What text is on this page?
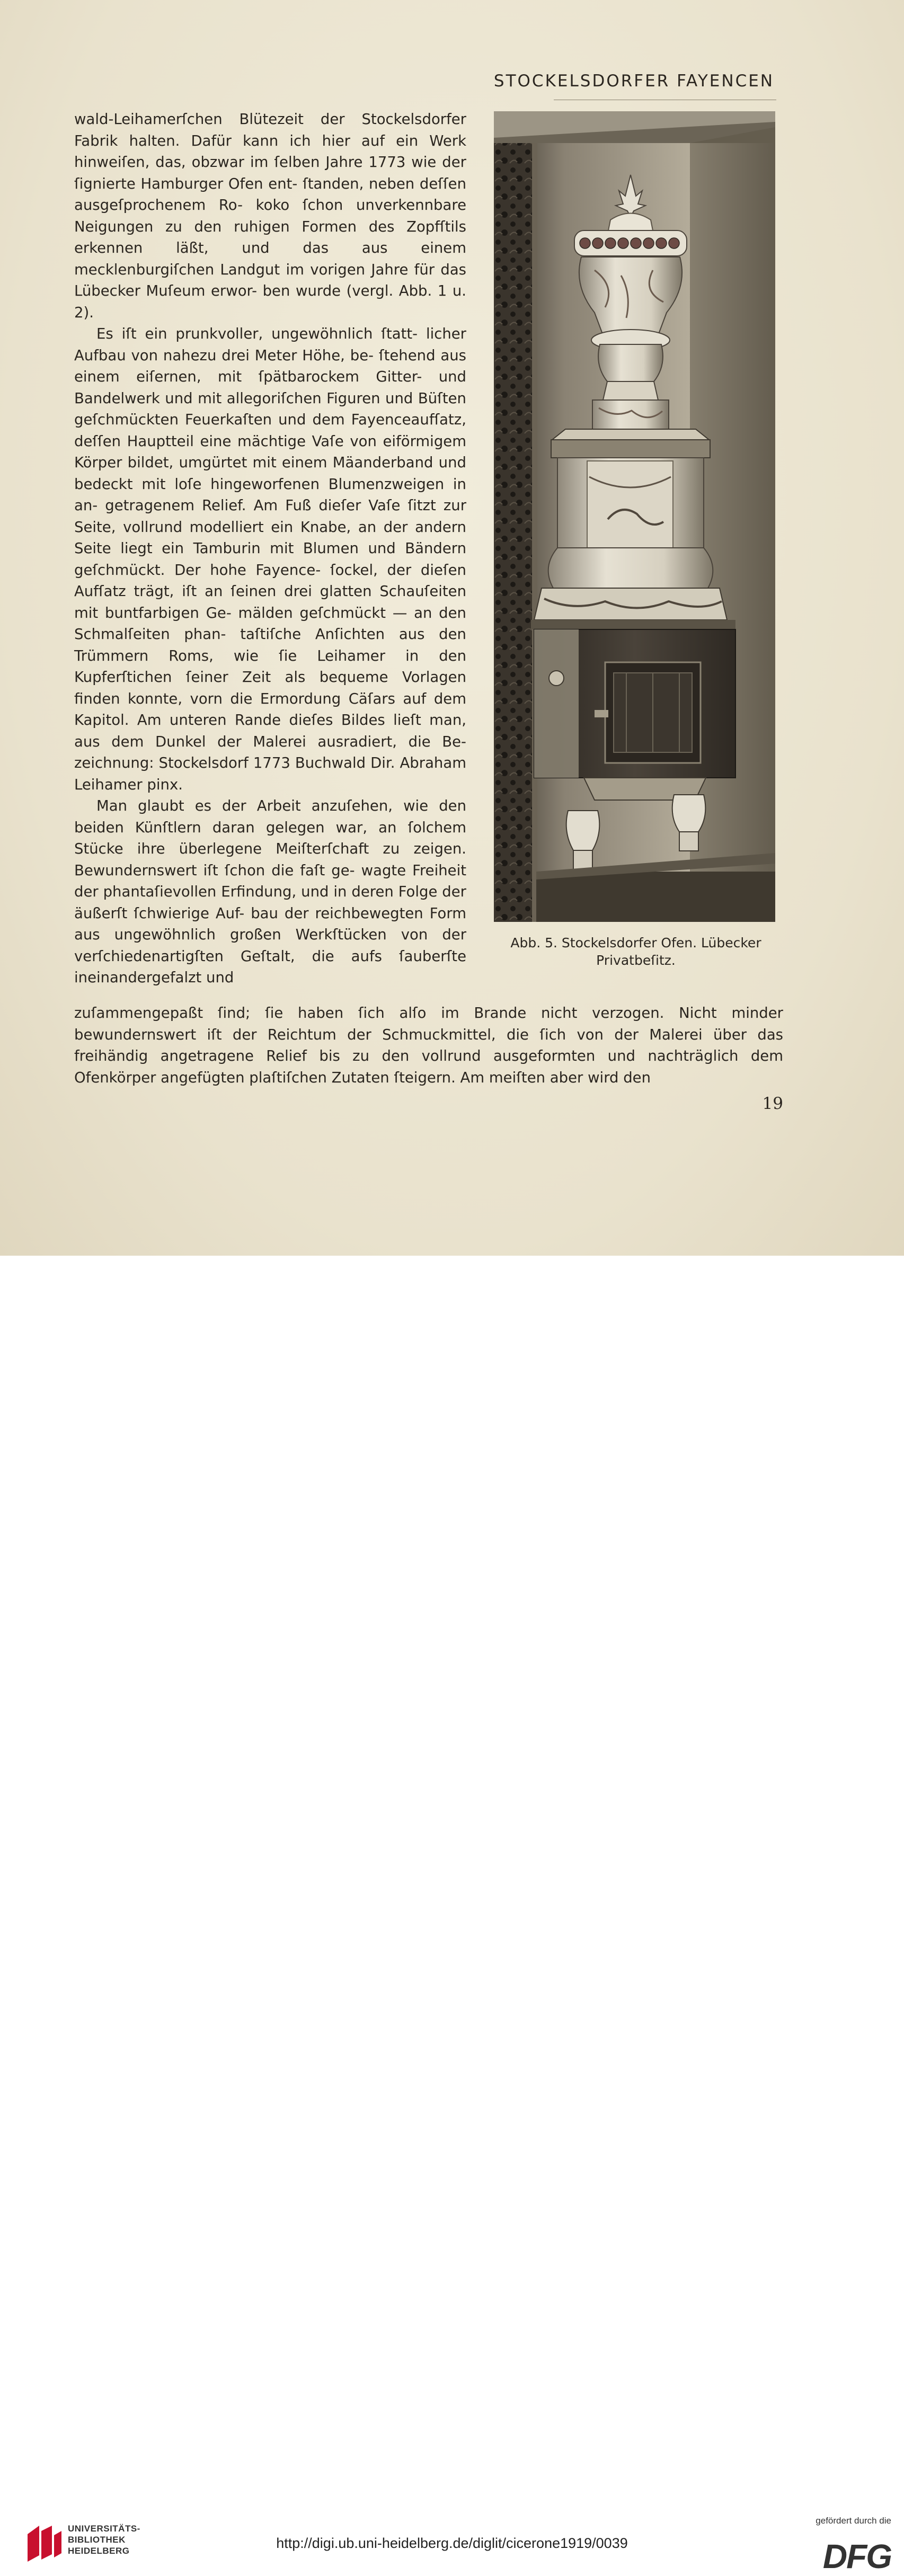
STOCKELSDORFER FAYENCEN

wald-Leihamerſchen Blütezeit der Stockelsdorfer Fabrik halten. Dafür kann ich hier auf ein Werk hinweiſen, das, obzwar im ſelben Jahre 1773 wie der ſignierte Hamburger Ofen ent- ſtanden, neben deſſen ausgeſprochenem Ro- koko ſchon unverkennbare Neigungen zu den ruhigen Formen des Zopfſtils erkennen läßt, und das aus einem mecklenburgiſchen Landgut im vorigen Jahre für das Lübecker Muſeum erwor- ben wurde (vergl. Abb. 1 u. 2).

Es iſt ein prunkvoller, ungewöhnlich ſtatt- licher Aufbau von nahezu drei Meter Höhe, be- ſtehend aus einem eiſernen, mit ſpätbarockem Gitter- und Bandelwerk und mit allegoriſchen Figuren und Büſten geſchmückten Feuerkaſten und dem Fayenceaufſatz, deſſen Hauptteil eine mächtige Vaſe von eiförmigem Körper bildet, umgürtet mit einem Mäanderband und bedeckt mit loſe hingeworfenen Blumenzweigen in an- getragenem Relief. Am Fuß dieſer Vaſe ſitzt zur Seite, vollrund modelliert ein Knabe, an der andern Seite liegt ein Tamburin mit Blumen und Bändern geſchmückt. Der hohe Fayence- ſockel, der dieſen Aufſatz trägt, iſt an ſeinen drei glatten Schauſeiten mit buntfarbigen Ge- mälden geſchmückt — an den Schmalſeiten phan- taſtiſche Anſichten aus den Trümmern Roms, wie ſie Leihamer in den Kupferſtichen ſeiner Zeit als bequeme Vorlagen finden konnte, vorn die Ermordung Cäſars auf dem Kapitol. Am unteren Rande dieſes Bildes lieſt man, aus dem Dunkel der Malerei ausradiert, die Be- zeichnung: Stockelsdorf 1773 Buchwald Dir. Abraham Leihamer pinx.

Man glaubt es der Arbeit anzuſehen, wie den beiden Künſtlern daran gelegen war, an ſolchem Stücke ihre überlegene Meiſterſchaft zu zeigen. Bewundernswert iſt ſchon die faſt ge- wagte Freiheit der phantaſievollen Erfindung, und in deren Folge der äußerſt ſchwierige Auf- bau der reichbewegten Form aus ungewöhnlich großen Werkſtücken von der verſchiedenartigſten Geſtalt, die aufs ſauberſte ineinandergefalzt und

zuſammengepaßt ſind; ſie haben ſich alſo im Brande nicht verzogen. Nicht minder bewundernswert iſt der Reichtum der Schmuckmittel, die ſich von der Malerei über das freihändig angetragene Relief bis zu den vollrund ausgeformten und nachträglich dem Ofenkörper angefügten plaſtiſchen Zutaten ſteigern. Am meiſten aber wird den

Abb. 5. Stockelsdorfer Ofen. Lübecker
Privatbeſitz.
19
UNIVERSITÄTS-
BIBLIOTHEK
HEIDELBERG	http://digi.ub.uni-heidelberg.de/diglit/cicerone1919/0039
gefördert durch die
DFG
